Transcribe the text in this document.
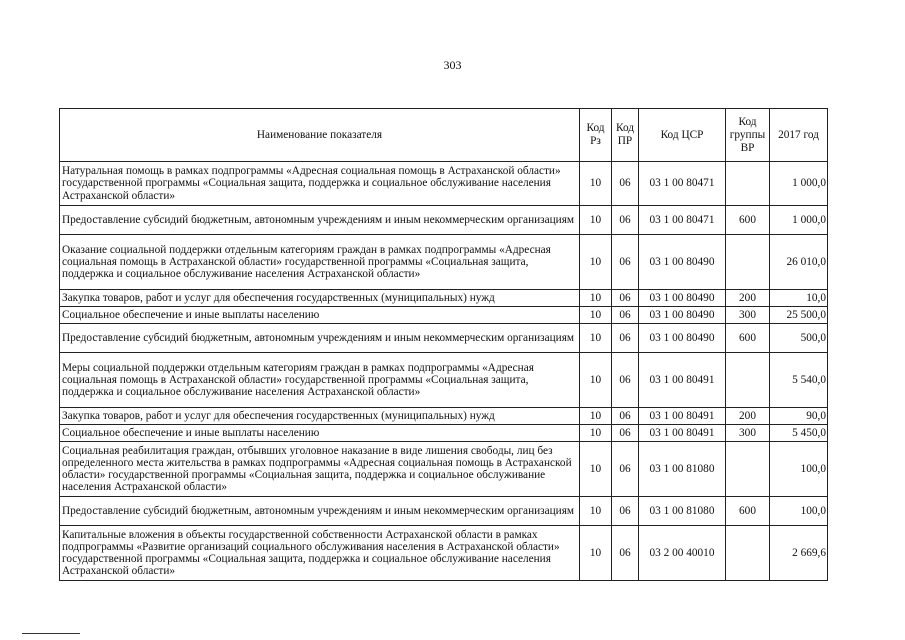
303
Наименование показателя	Код Рз	Код ПР	Код ЦСР	Код группы ВР	2017 год
Натуральная помощь в рамках подпрограммы «Адресная социальная помощь в Астраханской области» государственной программы «Социальная защита, поддержка и социальное обслуживание населения Астраханской области»	10	06	03 1 00 80471		1 000,0
Предоставление субсидий бюджетным, автономным учреждениям и иным некоммерческим организациям	10	06	03 1 00 80471	600	1 000,0
Оказание социальной поддержки отдельным категориям граждан в рамках подпрограммы «Адресная социальная помощь в Астраханской области» государственной программы «Социальная защита, поддержка и социальное обслуживание населения Астраханской области»	10	06	03 1 00 80490		26 010,0
Закупка товаров, работ и услуг для обеспечения государственных (муниципальных) нужд	10	06	03 1 00 80490	200	10,0
Социальное обеспечение и иные выплаты населению	10	06	03 1 00 80490	300	25 500,0
Предоставление субсидий бюджетным, автономным учреждениям и иным некоммерческим организациям	10	06	03 1 00 80490	600	500,0
Меры социальной поддержки отдельным категориям граждан в рамках подпрограммы «Адресная социальная помощь в Астраханской области» государственной программы «Социальная защита, поддержка и социальное обслуживание населения Астраханской области»	10	06	03 1 00 80491		5 540,0
Закупка товаров, работ и услуг для обеспечения государственных (муниципальных) нужд	10	06	03 1 00 80491	200	90,0
Социальное обеспечение и иные выплаты населению	10	06	03 1 00 80491	300	5 450,0
Социальная реабилитация граждан, отбывших уголовное наказание в виде лишения свободы, лиц без определенного места жительства в рамках подпрограммы «Адресная социальная помощь в Астраханской области» государственной программы «Социальная защита, поддержка и социальное обслуживание населения Астраханской области»	10	06	03 1 00 81080		100,0
Предоставление субсидий бюджетным, автономным учреждениям и иным некоммерческим организациям	10	06	03 1 00 81080	600	100,0
Капитальные вложения в объекты государственной собственности Астраханской области в рамках подпрограммы «Развитие организаций социального обслуживания населения в Астраханской области» государственной программы «Социальная защита, поддержка и социальное обслуживание населения Астраханской области»	10	06	03 2 00 40010		2 669,6
